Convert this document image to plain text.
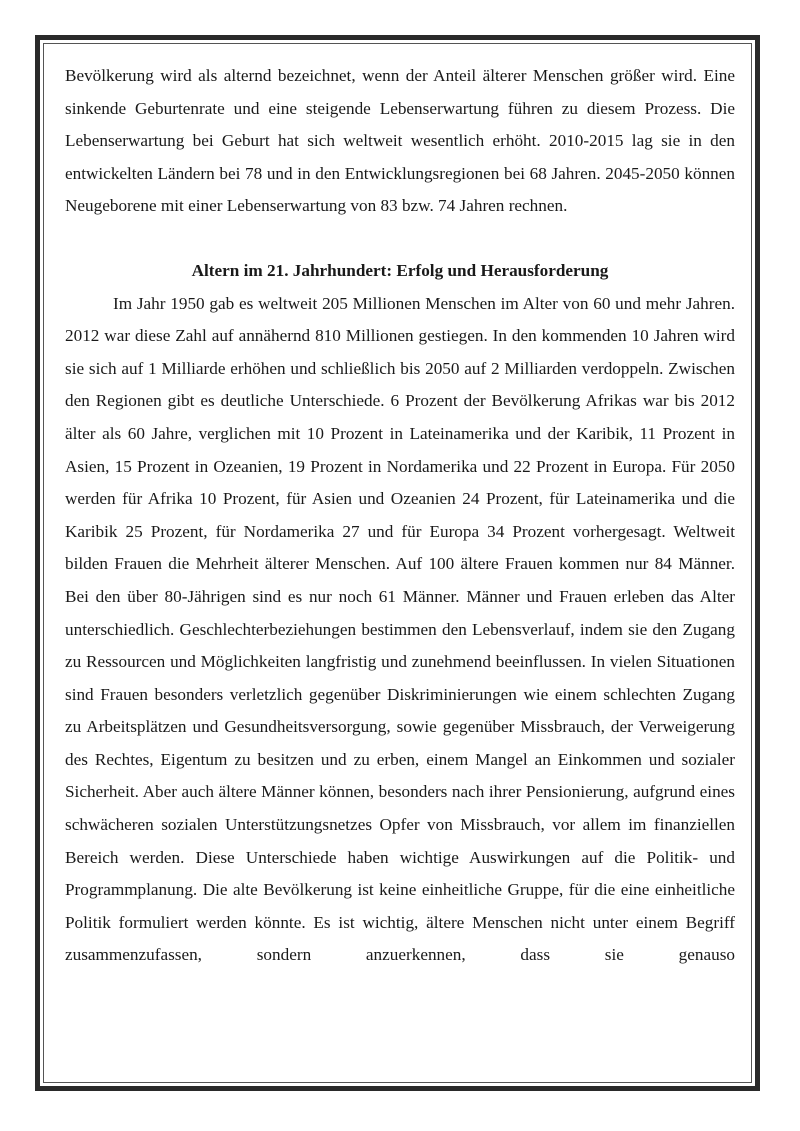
Bevölkerung wird als alternd bezeichnet, wenn der Anteil älterer Menschen größer wird. Eine sinkende Geburtenrate und eine steigende Lebenserwartung führen zu diesem Prozess. Die Lebenserwartung bei Geburt hat sich weltweit wesentlich erhöht. 2010-2015 lag sie in den entwickelten Ländern bei 78 und in den Entwicklungsregionen bei 68 Jahren. 2045-2050 können Neugeborene mit einer Lebenserwartung von 83 bzw. 74 Jahren rechnen.

Altern im 21. Jahrhundert: Erfolg und Herausforderung

Im Jahr 1950 gab es weltweit 205 Millionen Menschen im Alter von 60 und mehr Jahren. 2012 war diese Zahl auf annähernd 810 Millionen gestiegen. In den kommenden 10 Jahren wird sie sich auf 1 Milliarde erhöhen und schließlich bis 2050 auf 2 Milliarden verdoppeln. Zwischen den Regionen gibt es deutliche Unterschiede. 6 Prozent der Bevölkerung Afrikas war bis 2012 älter als 60 Jahre, verglichen mit 10 Prozent in Lateinamerika und der Karibik, 11 Prozent in Asien, 15 Prozent in Ozeanien, 19 Prozent in Nordamerika und 22 Prozent in Europa. Für 2050 werden für Afrika 10 Prozent, für Asien und Ozeanien 24 Prozent, für Lateinamerika und die Karibik 25 Prozent, für Nordamerika 27 und für Europa 34 Prozent vorhergesagt. Weltweit bilden Frauen die Mehrheit älterer Menschen. Auf 100 ältere Frauen kommen nur 84 Männer. Bei den über 80-Jährigen sind es nur noch 61 Männer. Männer und Frauen erleben das Alter unterschiedlich. Geschlechterbeziehungen bestimmen den Lebensverlauf, indem sie den Zugang zu Ressourcen und Möglichkeiten langfristig und zunehmend beeinflussen. In vielen Situationen sind Frauen besonders verletzlich gegenüber Diskriminierungen wie einem schlechten Zugang zu Arbeitsplätzen und Gesundheitsversorgung, sowie gegenüber Missbrauch, der Verweigerung des Rechtes, Eigentum zu besitzen und zu erben, einem Mangel an Einkommen und sozialer Sicherheit. Aber auch ältere Männer können, besonders nach ihrer Pensionierung, aufgrund eines schwächeren sozialen Unterstützungsnetzes Opfer von Missbrauch, vor allem im finanziellen Bereich werden. Diese Unterschiede haben wichtige Auswirkungen auf die Politik- und Programmplanung. Die alte Bevölkerung ist keine einheitliche Gruppe, für die eine einheitliche Politik formuliert werden könnte. Es ist wichtig, ältere Menschen nicht unter einem Begriff zusammenzufassen, sondern anzuerkennen, dass sie genauso
